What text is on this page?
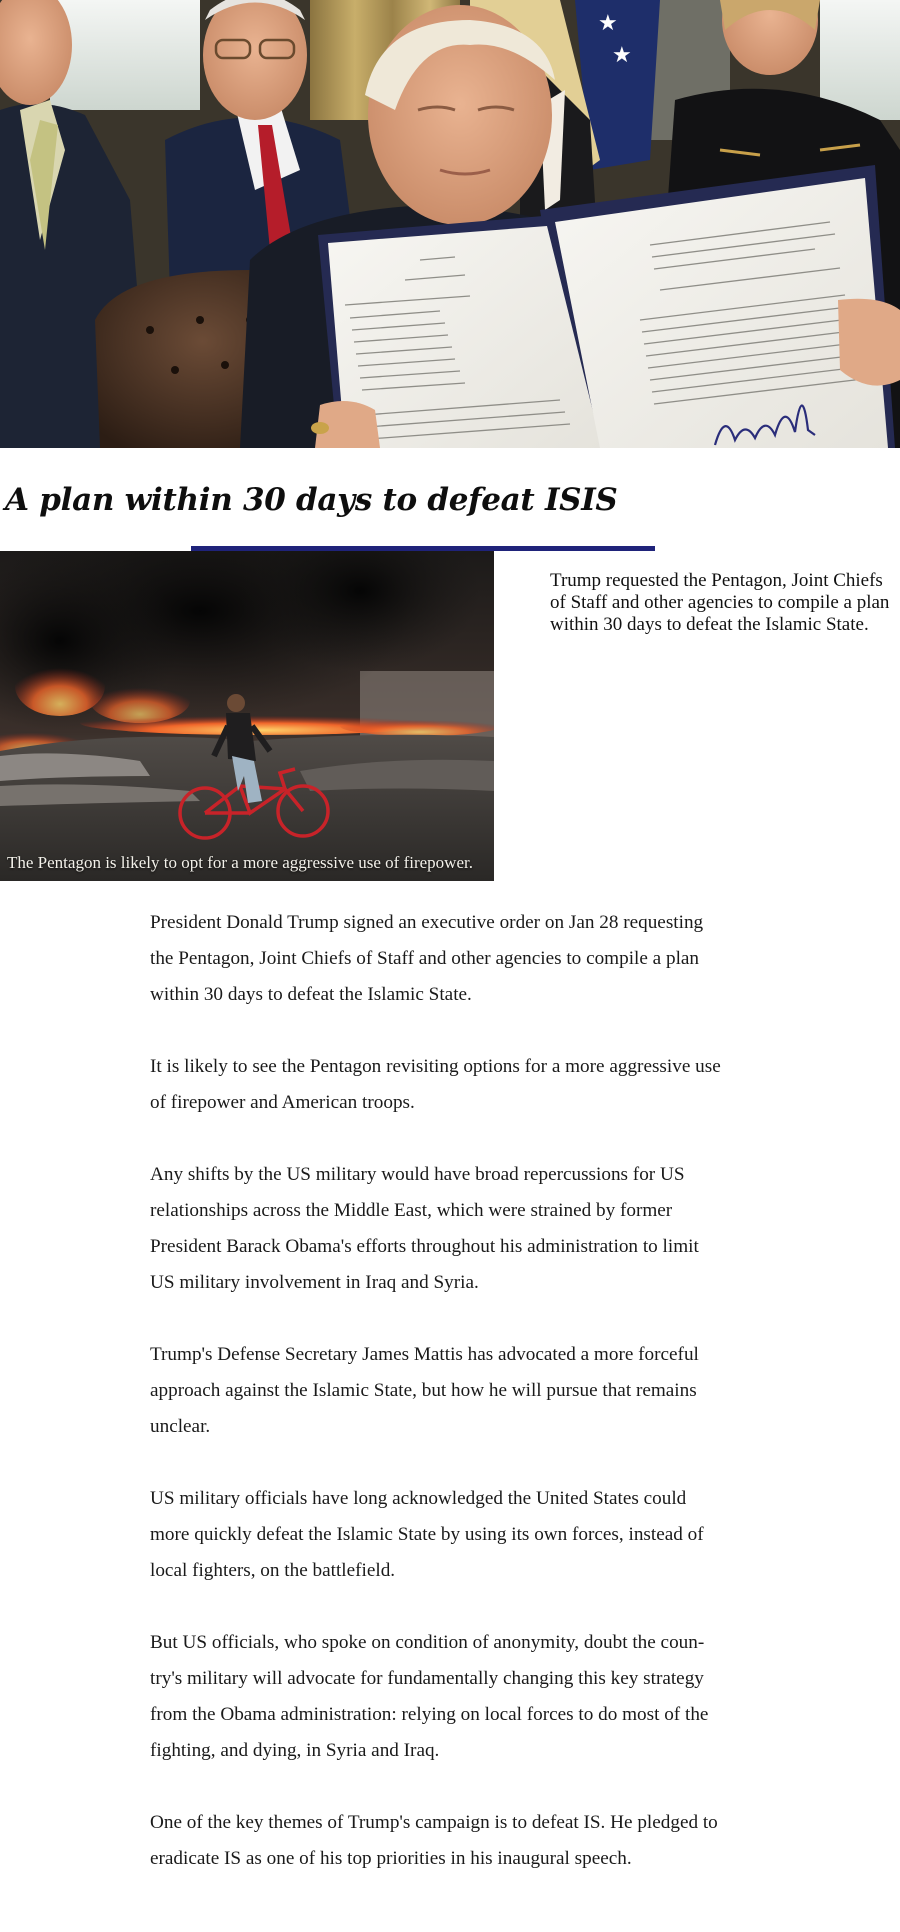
★
★
A plan within 30 days to defeat ISIS
The Pentagon is likely to opt for a more aggressive use of firepower.

Trump requested the Pentagon, Joint Chiefs of Staff and other agencies to compile a plan within 30 days to defeat the Islamic State.

President Donald Trump signed an executive order on Jan 28 requesting the Pentagon, Joint Chiefs of Staff and other agencies to compile a plan within 30 days to defeat the Islamic State.

It is likely to see the Pentagon revisiting options for a more aggressive use of firepower and American troops.

Any shifts by the US military would have broad repercussions for US relationships across the Middle East, which were strained by former President Barack Obama's efforts throughout his administration to limit US military involvement in Iraq and Syria.

Trump's Defense Secretary James Mattis has advocated a more forceful approach against the Islamic State, but how he will pursue that remains unclear.

US military officials have long acknowledged the United States could more quickly defeat the Islamic State by using its own forces, instead of local fighters, on the battlefield.

But US officials, who spoke on condition of anonymity, doubt the country's military will advocate for fundamentally changing this key strategy from the Obama administration: relying on local forces to do most of the fighting, and dying, in Syria and Iraq.

One of the key themes of Trump's campaign is to defeat IS. He pledged to eradicate IS as one of his top priorities in his inaugural speech.
